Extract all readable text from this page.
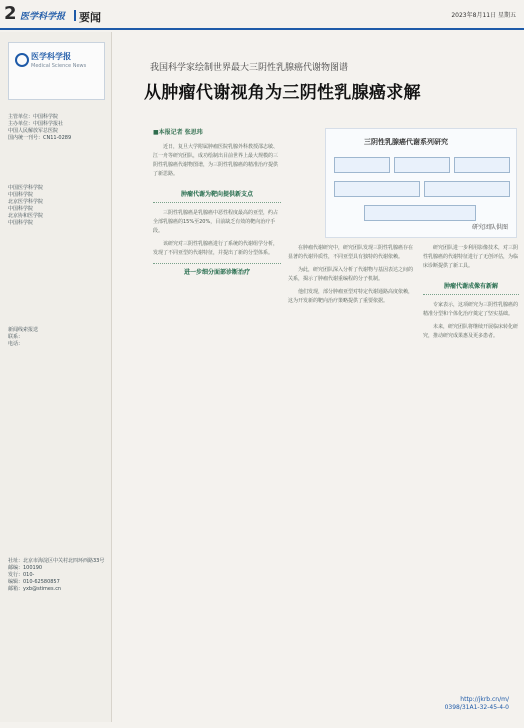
2 医学科学报 要闻	2023年8月11日 星期五
医学科学报
Medical Science News
主管单位：中国科学院
主办单位：中国科学报社
中国人民解放军总医院
国内统一刊号：CN11-0289
中国医学科学院
中国科学院
北京医学科学院
中国科学院
北京协和医学院
中国科学院
新闻线索报送
联系：
电话：
社址：北京市海淀区中关村北四环西路33号
邮编：100190
发行：010-
编辑：010-62580857
邮箱：yxb@stimes.cn
我国科学家绘制世界最大三阴性乳腺癌代谢物图谱
从肿瘤代谢视角为三阴性乳腺癌求解
■本报记者 张思玮
三阴性乳腺癌代谢系列研究
研究团队供图

近日，复旦大学附属肿瘤医院乳腺外科教授邵志敏、江一舟等研究团队，成功绘制出目前世界上最大规模的三阴性乳腺癌代谢物图谱，为三阴性乳腺癌的精准治疗提供了新思路。

肿瘤代谢为靶向提供新支点

三阴性乳腺癌是乳腺癌中恶性程度最高的亚型，约占全部乳腺癌的15%至20%，目前缺乏有效的靶向治疗手段。

该研究对三阴性乳腺癌进行了系统的代谢组学分析，发现了不同亚型的代谢特征，并提出了新的分型体系。

进一步细分面部诊断治疗

在肿瘤代谢研究中，研究团队发现三阴性乳腺癌存在显著的代谢异质性，不同亚型具有独特的代谢依赖。

为此，研究团队深入分析了代谢物与基因表达之间的关系，揭示了肿瘤代谢重编程的分子机制。

他们发现，部分肿瘤亚型对特定代谢通路高度依赖，这为开发新的靶向治疗策略提供了重要依据。

研究团队进一步利用影像技术，对三阴性乳腺癌的代谢特征进行了无创评估，为临床诊断提供了新工具。

肿瘤代谢成像有新解

专家表示，这项研究为三阴性乳腺癌的精准分型和个体化治疗奠定了坚实基础。

未来，研究团队将继续开展临床转化研究，推动研究成果惠及更多患者。

http://jkrb.cn/m/
0398/31A1-32-45-4-0
